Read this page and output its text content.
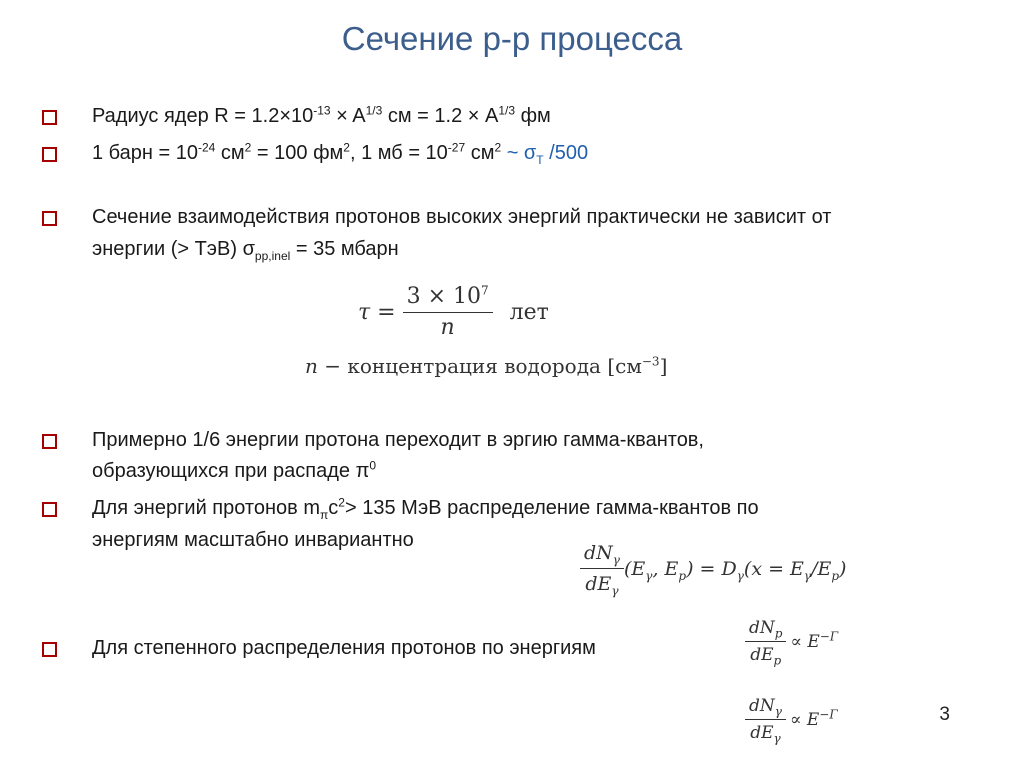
Сечение p-p процесса
Радиус ядер $R = 1.2\times 10^{-13} \times A^{1/3}$ см = $1.2 \times A^{1/3}$ фм
1 барн = $10^{-24}$ $см^2 = 100$ $фм^2$, 1 мб = $10^{-27}$ $см^2$ ~ $\sigma_T$ /500
Сечение взаимодействия протонов высоких энергий практически не зависит от
энергии (> ТэВ) $\sigma_{pp,inel} = 35$ мбарн
$\tau = \frac{3 \times 10^7}{n}$ лет
n − концентрация водорода $[см^{-3}]$
Примерно 1/6 энергии протона переходит в эргию гамма-квантов,
образующихся при распаде $\pi^0$
Для энергий протонов $m_\pi c^2> 135$ МэВ распределение гамма-квантов по
энергиям масштабно инвариантно	$\frac{dN_\gamma}{dE_\gamma} (E_\gamma$, $E_p) = D_\gamma(x = E_\gamma/E_p)$
Для степенного распределения протонов по энергиям	$\frac{dN_p}{dE_p} \propto E^{-\Gamma}$
$\frac{dN_\gamma}{dE_\gamma} \propto E^{-\Gamma}$	3
